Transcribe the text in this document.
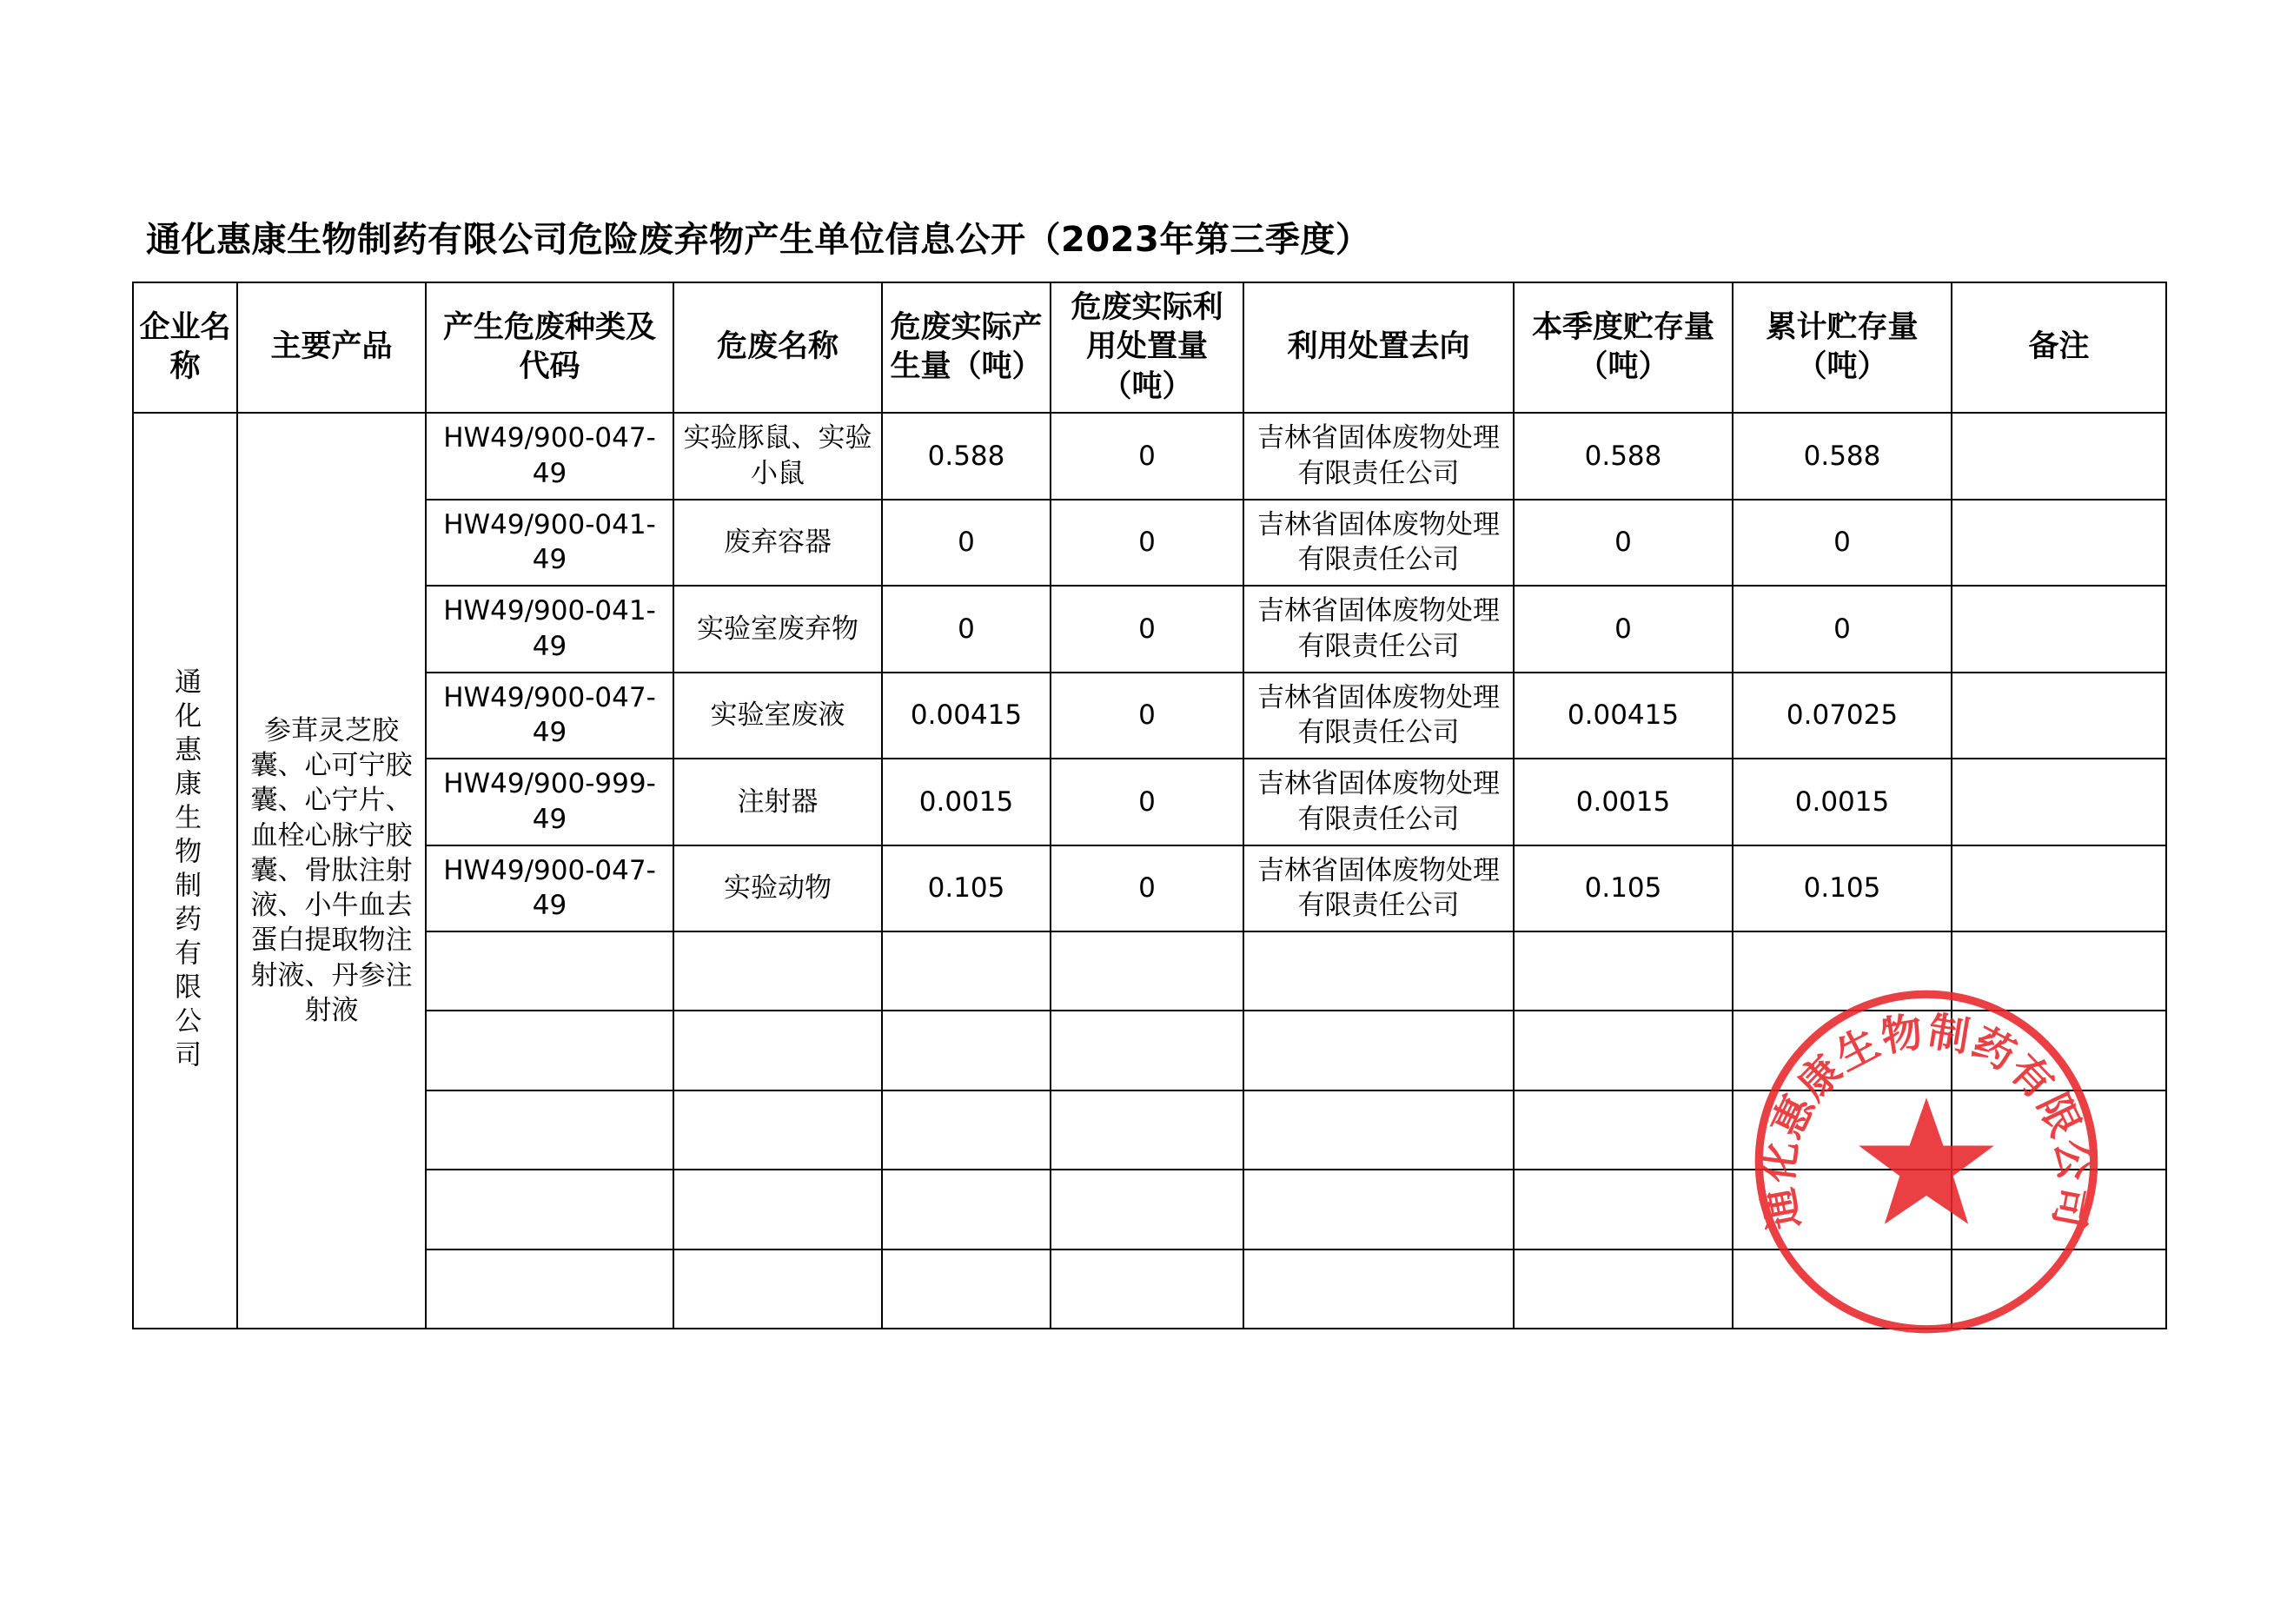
通化惠康生物制药有限公司危险废弃物产生单位信息公开（2023年第三季度）
企业名称	主要产品	产生危废种类及代码	危废名称	危废实际产生量（吨）	危废实际利用处置量（吨）	利用处置去向	本季度贮存量（吨）	累计贮存量（吨）	备注
通化惠康生物制药有限公司	参茸灵芝胶囊、心可宁胶囊、心宁片、血栓心脉宁胶囊、骨肽注射液、小牛血去蛋白提取物注射液、丹参注射液	HW49/900-047-49	实验豚鼠、实验小鼠	0.588	0	吉林省固体废物处理有限责任公司	0.588	0.588	
		HW49/900-041-49	废弃容器	0	0	吉林省固体废物处理有限责任公司	0	0	
		HW49/900-041-49	实验室废弃物	0	0	吉林省固体废物处理有限责任公司	0	0	
		HW49/900-047-49	实验室废液	0.00415	0	吉林省固体废物处理有限责任公司	0.00415	0.07025	
		HW49/900-999-49	注射器	0.0015	0	吉林省固体废物处理有限责任公司	0.0015	0.0015	
		HW49/900-047-49	实验动物	0.105	0	吉林省固体废物处理有限责任公司	0.105	0.105	

通化惠康生物制药有限公司
